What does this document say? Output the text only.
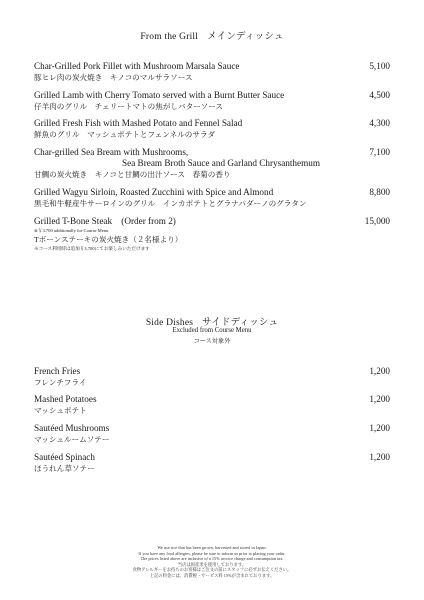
From the Grill メインディッシュ
Char-Grilled Pork Fillet with Mushroom Marsala Sauce
豚ヒレ肉の炭火焼き　キノコのマルサラソース
5,100
Grilled Lamb with Cherry Tomato served with a Burnt Butter Sauce
仔羊肉のグリル　チェリートマトの焦がしバターソース
4,500
Grilled Fresh Fish with Mashed Potato and Fennel Salad
鮮魚のグリル　マッシュポテトとフェンネルのサラダ
4,300
Char-grilled Sea Bream with Mushrooms,
Sea Bream Broth Sauce and Garland Chrysanthemum
甘鯛の炭火焼き　キノコと甘鯛の出汁ソース　春菊の香り
7,100
Grilled Wagyu Sirloin, Roasted Zucchini with Spice and Almond
黒毛和牛軽産牛サーロインのグリル　インカポテトとグラナパダーノのグラタン
8,800
Grilled T-Bone Steak　(Order from 2)
※￥3,700 additionally for Course Menu
Tボーンステーキの炭火焼き（２名様より）
※コース利用時は追加￥3,700にてお楽しみいただけます
15,000
Side Dishes サイドディッシュ
Excluded from Course Menu
コース対象外
French Fries
フレンチフライ
1,200
Mashed Potatoes
マッシュポテト
1,200
Sautéed Mushrooms
マッシュルームソテー
1,200
Sautéed Spinach
ほうれん草ソテー
1,200
We use rice that has been grown, harvested and stored in Japan.
If you have any food allergies, please be sure to inform us prior to placing your order.
The prices listed above are inclusive of a 15% service charge and consumption tax.
当店は国産米を使用しております。
食物アレルギーをお持ちのお客様はご注文の前にスタッフに必ずお伝えください。
上記の料金には、消費税・サービス料 15%が含まれております。
